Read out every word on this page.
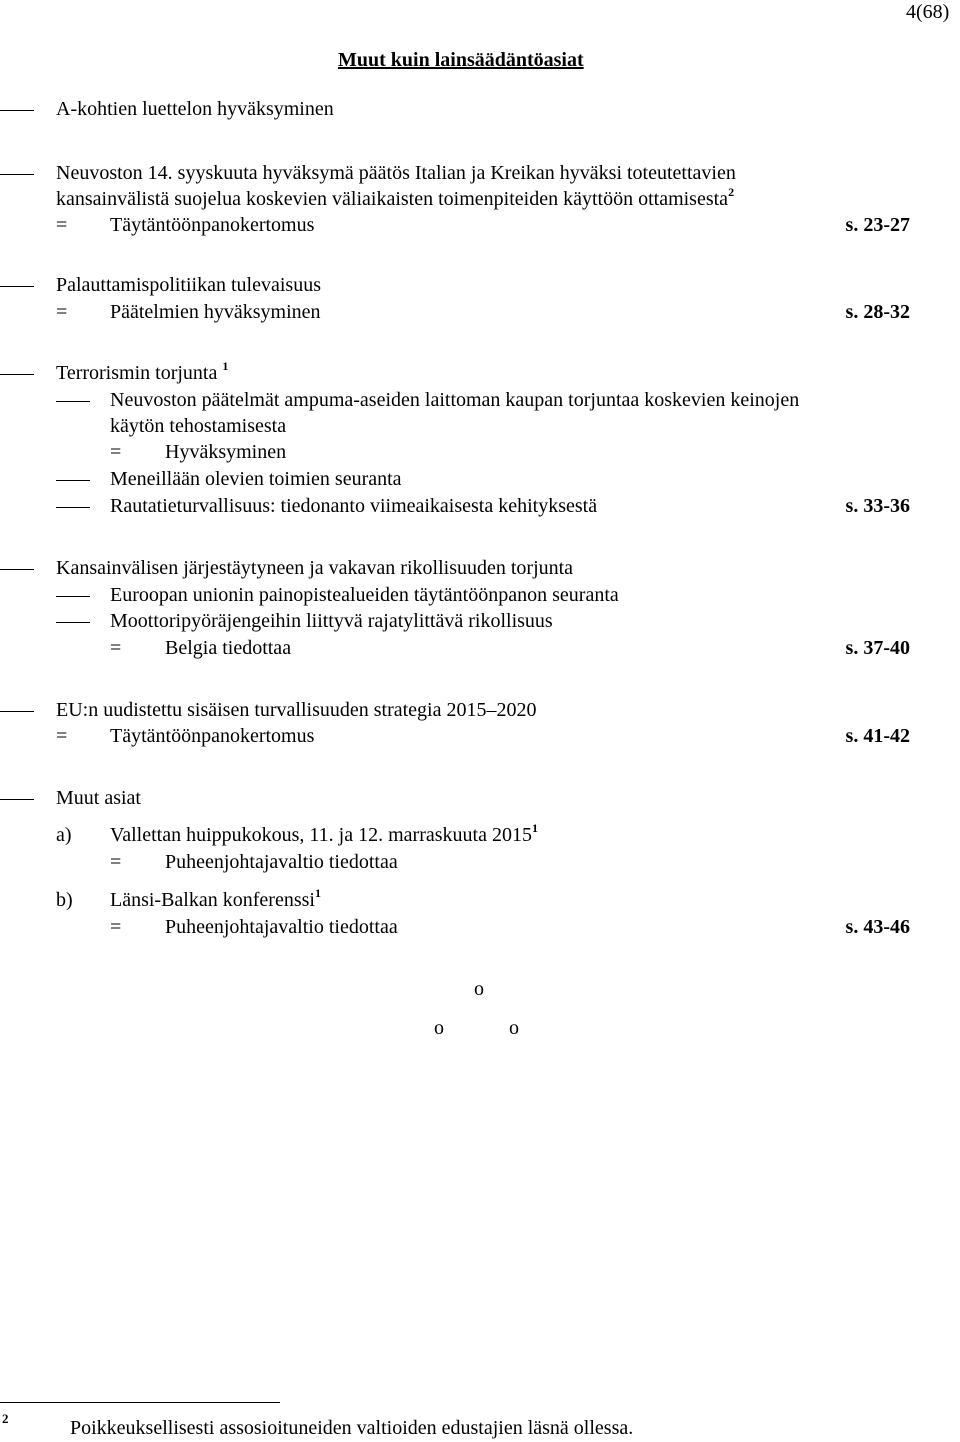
4(68)
Muut kuin lainsäädäntöasiat
A-kohtien luettelon hyväksyminen
Neuvoston 14. syyskuuta hyväksymä päätös Italian ja Kreikan hyväksi toteutettavien
kansainvälistä suojelua koskevien väliaikaisten toimenpiteiden käyttöön ottamisesta$^2$
= Täytäntöönpanokertomus	s. 23-27
Palauttamispolitiikan tulevaisuus
= Päätelmien hyväksyminen	s. 28-32
Terrorismin torjunta $^1$
Neuvoston päätelmät ampuma-aseiden laittoman kaupan torjuntaa koskevien keinojen
käytön tehostamisesta
= Hyväksyminen
Meneillään olevien toimien seuranta
Rautatieturvallisuus: tiedonanto viimeaikaisesta kehityksestä	s. 33-36
Kansainvälisen järjestäytyneen ja vakavan rikollisuuden torjunta
Euroopan unionin painopistealueiden täytäntöönpanon seuranta
Moottoripyöräjengeihin liittyvä rajatylittävä rikollisuus
= Belgia tiedottaa	s. 37-40
EU:n uudistettu sisäisen turvallisuuden strategia 2015–2020
= Täytäntöönpanokertomus	s. 41-42
Muut asiat
a) Vallettan huippukokous, 11. ja 12. marraskuuta $2015^1$
= Puheenjohtajavaltio tiedottaa
b) Länsi-Balkan konferenssi$^1$
= Puheenjohtajavaltio tiedottaa	s. 43-46
o
o	o
2	Poikkeuksellisesti assosioituneiden valtioiden edustajien läsnä ollessa.
